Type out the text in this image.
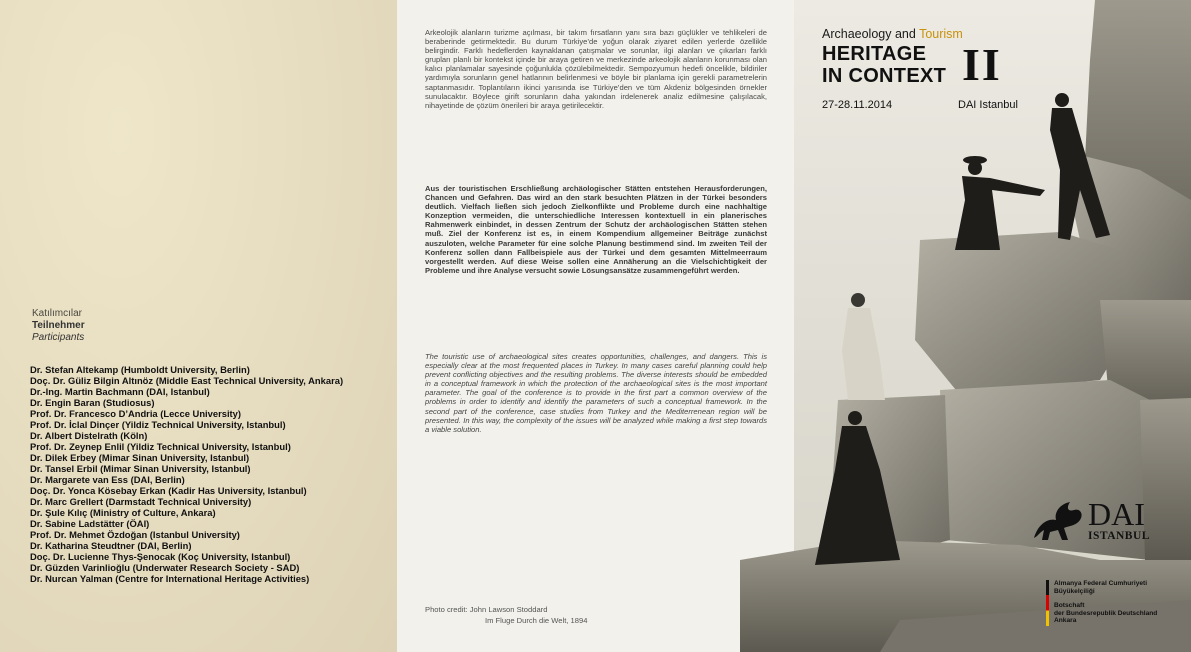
Katılımcılar
Teilnehmer
Participants
Dr. Stefan Altekamp (Humboldt University, Berlin)
Doç. Dr. Güliz Bilgin Altınöz (Middle East Technical University, Ankara)
Dr.-Ing. Martin Bachmann (DAI, Istanbul)
Dr. Engin Baran (Studiosus)
Prof. Dr. Francesco D’Andria (Lecce University)
Prof. Dr. İclal Dinçer (Yildiz Technical University, Istanbul)
Dr. Albert Distelrath (Köln)
Prof. Dr. Zeynep Enlil (Yildiz Technical University, Istanbul)
Dr. Dilek Erbey (Mimar Sinan University, Istanbul)
Dr. Tansel Erbil (Mimar Sinan University, Istanbul)
Dr. Margarete van Ess (DAI, Berlin)
Doç. Dr. Yonca Kösebay Erkan (Kadir Has University, Istanbul)
Dr. Marc Grellert (Darmstadt Technical University)
Dr. Şule Kılıç (Ministry of Culture, Ankara)
Dr. Sabine Ladstätter (ÖAI)
Prof. Dr. Mehmet Özdoğan (Istanbul University)
Dr. Katharina Steudtner (DAI, Berlin)
Doç. Dr. Lucienne Thys-Şenocak (Koç University, Istanbul)
Dr. Güzden Varinlioğlu (Underwater Research Society - SAD)
Dr. Nurcan Yalman (Centre for International Heritage Activities)

Arkeolojik alanların turizme açılması, bir takım fırsatların yanı sıra bazı güçlükler ve tehlikeleri de beraberinde getirmektedir. Bu durum Türkiye’de yoğun olarak ziyaret edilen yerlerde özellikle belirgindir. Farklı hedeflerden kaynaklanan çatışmalar ve sorunlar, ilgi alanları ve çıkarları farklı grupları planlı bir kontekst içinde bir araya getiren ve merkezinde arkeolojik alanların korunması olan kalıcı planlamalar sayesinde çoğunlukla çözülebilmektedir. Sempozyumun hedefi öncelikle, bildiriler yardımıyla sorunların genel hatlarının belirlenmesi ve böyle bir planlama için gerekli parametrelerin saptanmasıdır. Toplantıların ikinci yarısında ise Türkiye’den ve tüm Akdeniz bölgesinden örnekler sunulacaktır. Böylece girift sorunların daha yakından irdelenerek analiz edilmesine çalışılacak, nihayetinde de çözüm önerileri bir araya getirilecektir.

Aus der touristischen Erschließung archäologischer Stätten entstehen Herausforderungen, Chancen und Gefahren. Das wird an den stark besuchten Plätzen in der Türkei besonders deutlich. Vielfach ließen sich jedoch Zielkonflikte und Probleme durch eine nachhaltige Konzeption vermeiden, die unterschiedliche Interessen kontextuell in ein planerisches Rahmenwerk einbindet, in dessen Zentrum der Schutz der archäologischen Stätten stehen muß. Ziel der Konferenz ist es, in einem Kompendium allgemeiner Beiträge zunächst auszuloten, welche Parameter für eine solche Planung bestimmend sind. Im zweiten Teil der Konferenz sollen dann Fallbeispiele aus der Türkei und dem gesamten Mittelmeerraum vorgestellt werden. Auf diese Weise sollen eine Annäherung an die Vielschichtigkeit der Probleme und ihre Analyse versucht sowie Lösungsansätze zusammengeführt werden.

The touristic use of archaeological sites creates opportunities, challenges, and dangers. This is especially clear at the most frequented places in Turkey. In many cases careful planning could help prevent conflicting objectives and the resulting problems. The diverse interests should be embedded in a conceptual framework in which the protection of the archaeological sites is the most important parameter. The goal of the conference is to provide in the first part a common overview of the problems in order to identify and identify the parameters of such a conceptual framework. In the second part of the conference, case studies from Turkey and the Mediterrenean region will be presented. In this way, the complexity of the issues will be analyzed while making a first step towards a viable solution.

Photo credit: John Lawson Stoddard
Im Fluge Durch die Welt, 1894
Archaeology and Tourism
HERITAGE
IN CONTEXT II
27-28.11.2014	DAI Istanbul
DAI
ISTANBUL
Almanya Federal Cumhuriyeti
Büyükelçiliği
Botschaft
der Bundesrepublik Deutschland
Ankara
